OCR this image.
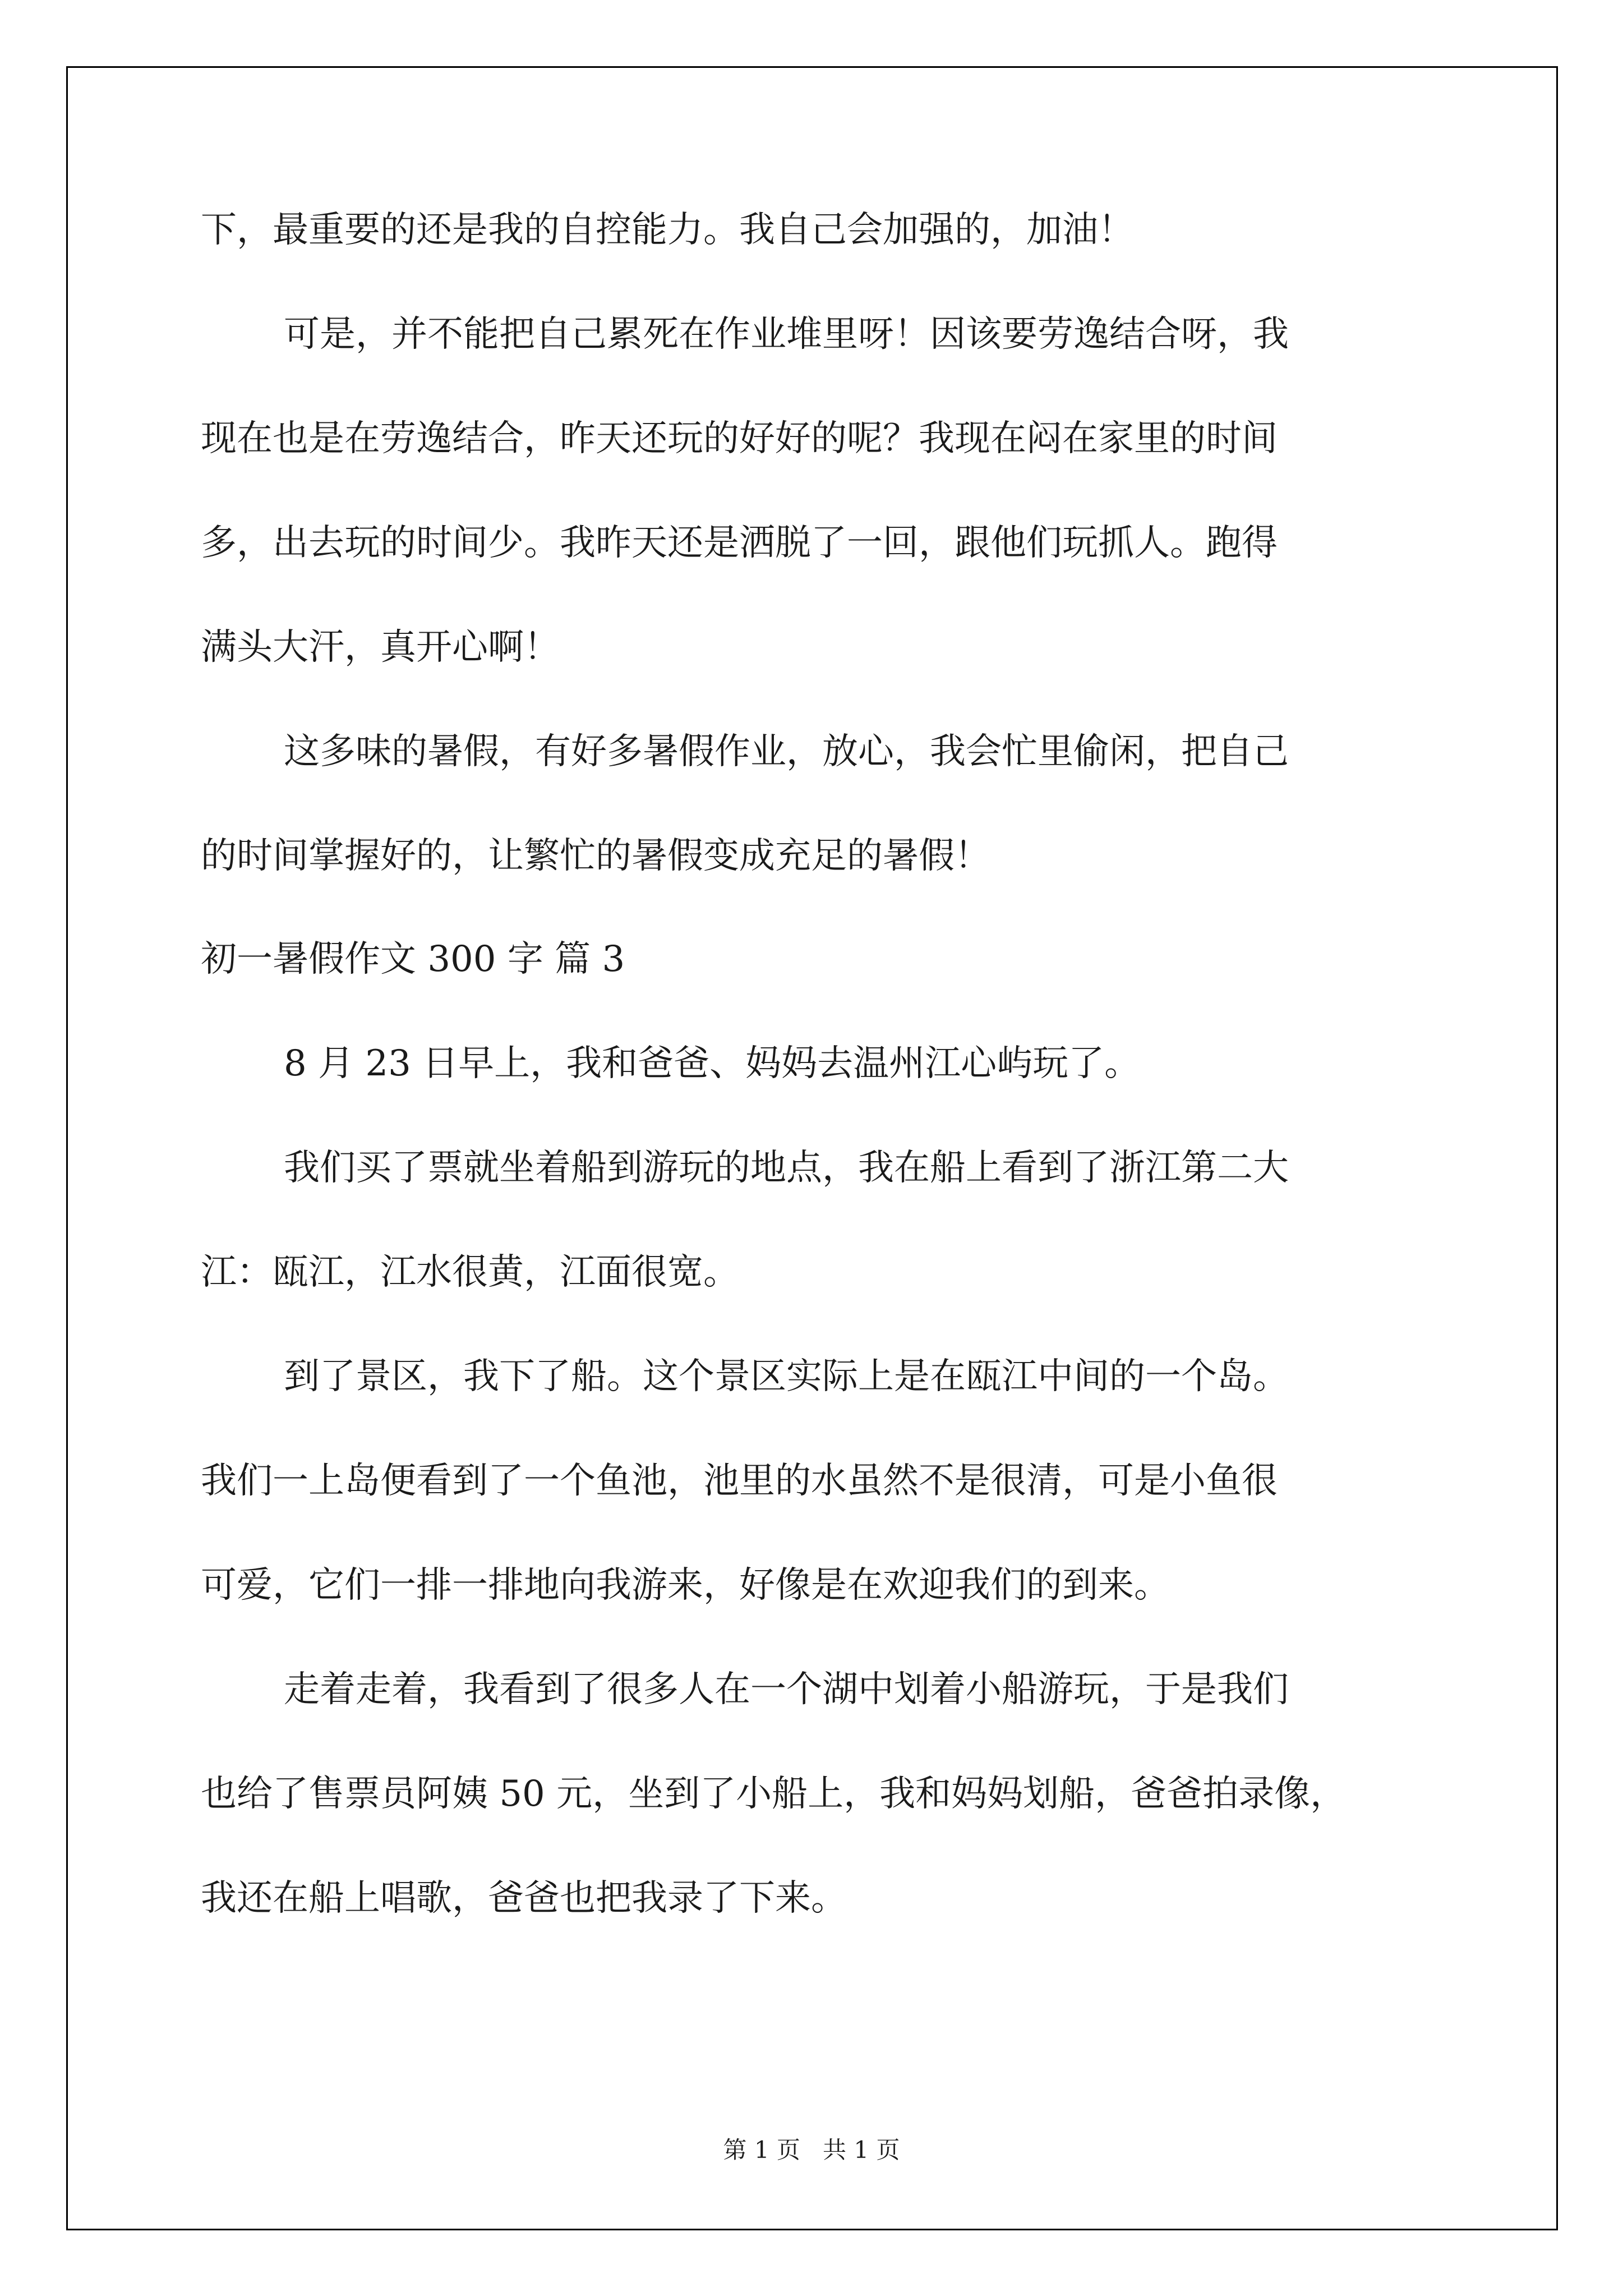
下，最重要的还是我的自控能力。我自己会加强的，加油！
可是，并不能把自己累死在作业堆里呀！因该要劳逸结合呀，我
现在也是在劳逸结合，昨天还玩的好好的呢？我现在闷在家里的时间
多，出去玩的时间少。我昨天还是洒脱了一回，跟他们玩抓人。跑得
满头大汗，真开心啊！
这多味的暑假，有好多暑假作业，放心，我会忙里偷闲，把自己
的时间掌握好的，让繁忙的暑假变成充足的暑假！
初一暑假作文 300 字 篇 3
8 月 23 日早上，我和爸爸、妈妈去温州江心屿玩了。
我们买了票就坐着船到游玩的地点，我在船上看到了浙江第二大
江：瓯江，江水很黄，江面很宽。
到了景区，我下了船。这个景区实际上是在瓯江中间的一个岛。
我们一上岛便看到了一个鱼池，池里的水虽然不是很清，可是小鱼很
可爱，它们一排一排地向我游来，好像是在欢迎我们的到来。
走着走着，我看到了很多人在一个湖中划着小船游玩，于是我们
也给了售票员阿姨 50 元，坐到了小船上，我和妈妈划船，爸爸拍录像，
我还在船上唱歌，爸爸也把我录了下来。
第 1 页   共 1 页
